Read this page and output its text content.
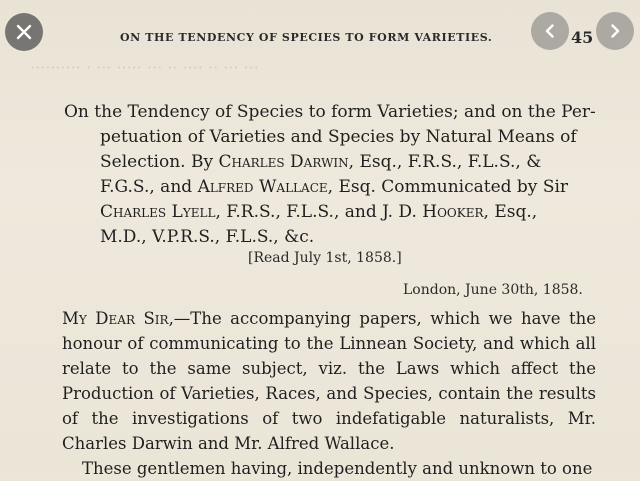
·········· · ··· ····· ··· ·· ···· ·· ··· ···
ON THE TENDENCY OF SPECIES TO FORM VARIETIES.	45

On the Tendency of Species to form Varieties; and on the Per-

petuation of Varieties and Species by Natural Means of

Selection. By Charles Darwin, Esq., F.R.S., F.L.S., &

F.G.S., and Alfred Wallace, Esq. Communicated by Sir

Charles Lyell, F.R.S., F.L.S., and J. D. Hooker, Esq.,

M.D., V.P.R.S., F.L.S., &c.

[Read July 1st, 1858.]
London, June 30th, 1858.

My Dear Sir,—The accompanying papers, which we have the honour of communicating to the Linnean Society, and which all relate to the same subject, viz. the Laws which affect the Production of Varieties, Races, and Species, contain the results of the investigations of two indefatigable naturalists, Mr. Charles Darwin and Mr. Alfred Wallace.

These gentlemen having, independently and unknown to one
